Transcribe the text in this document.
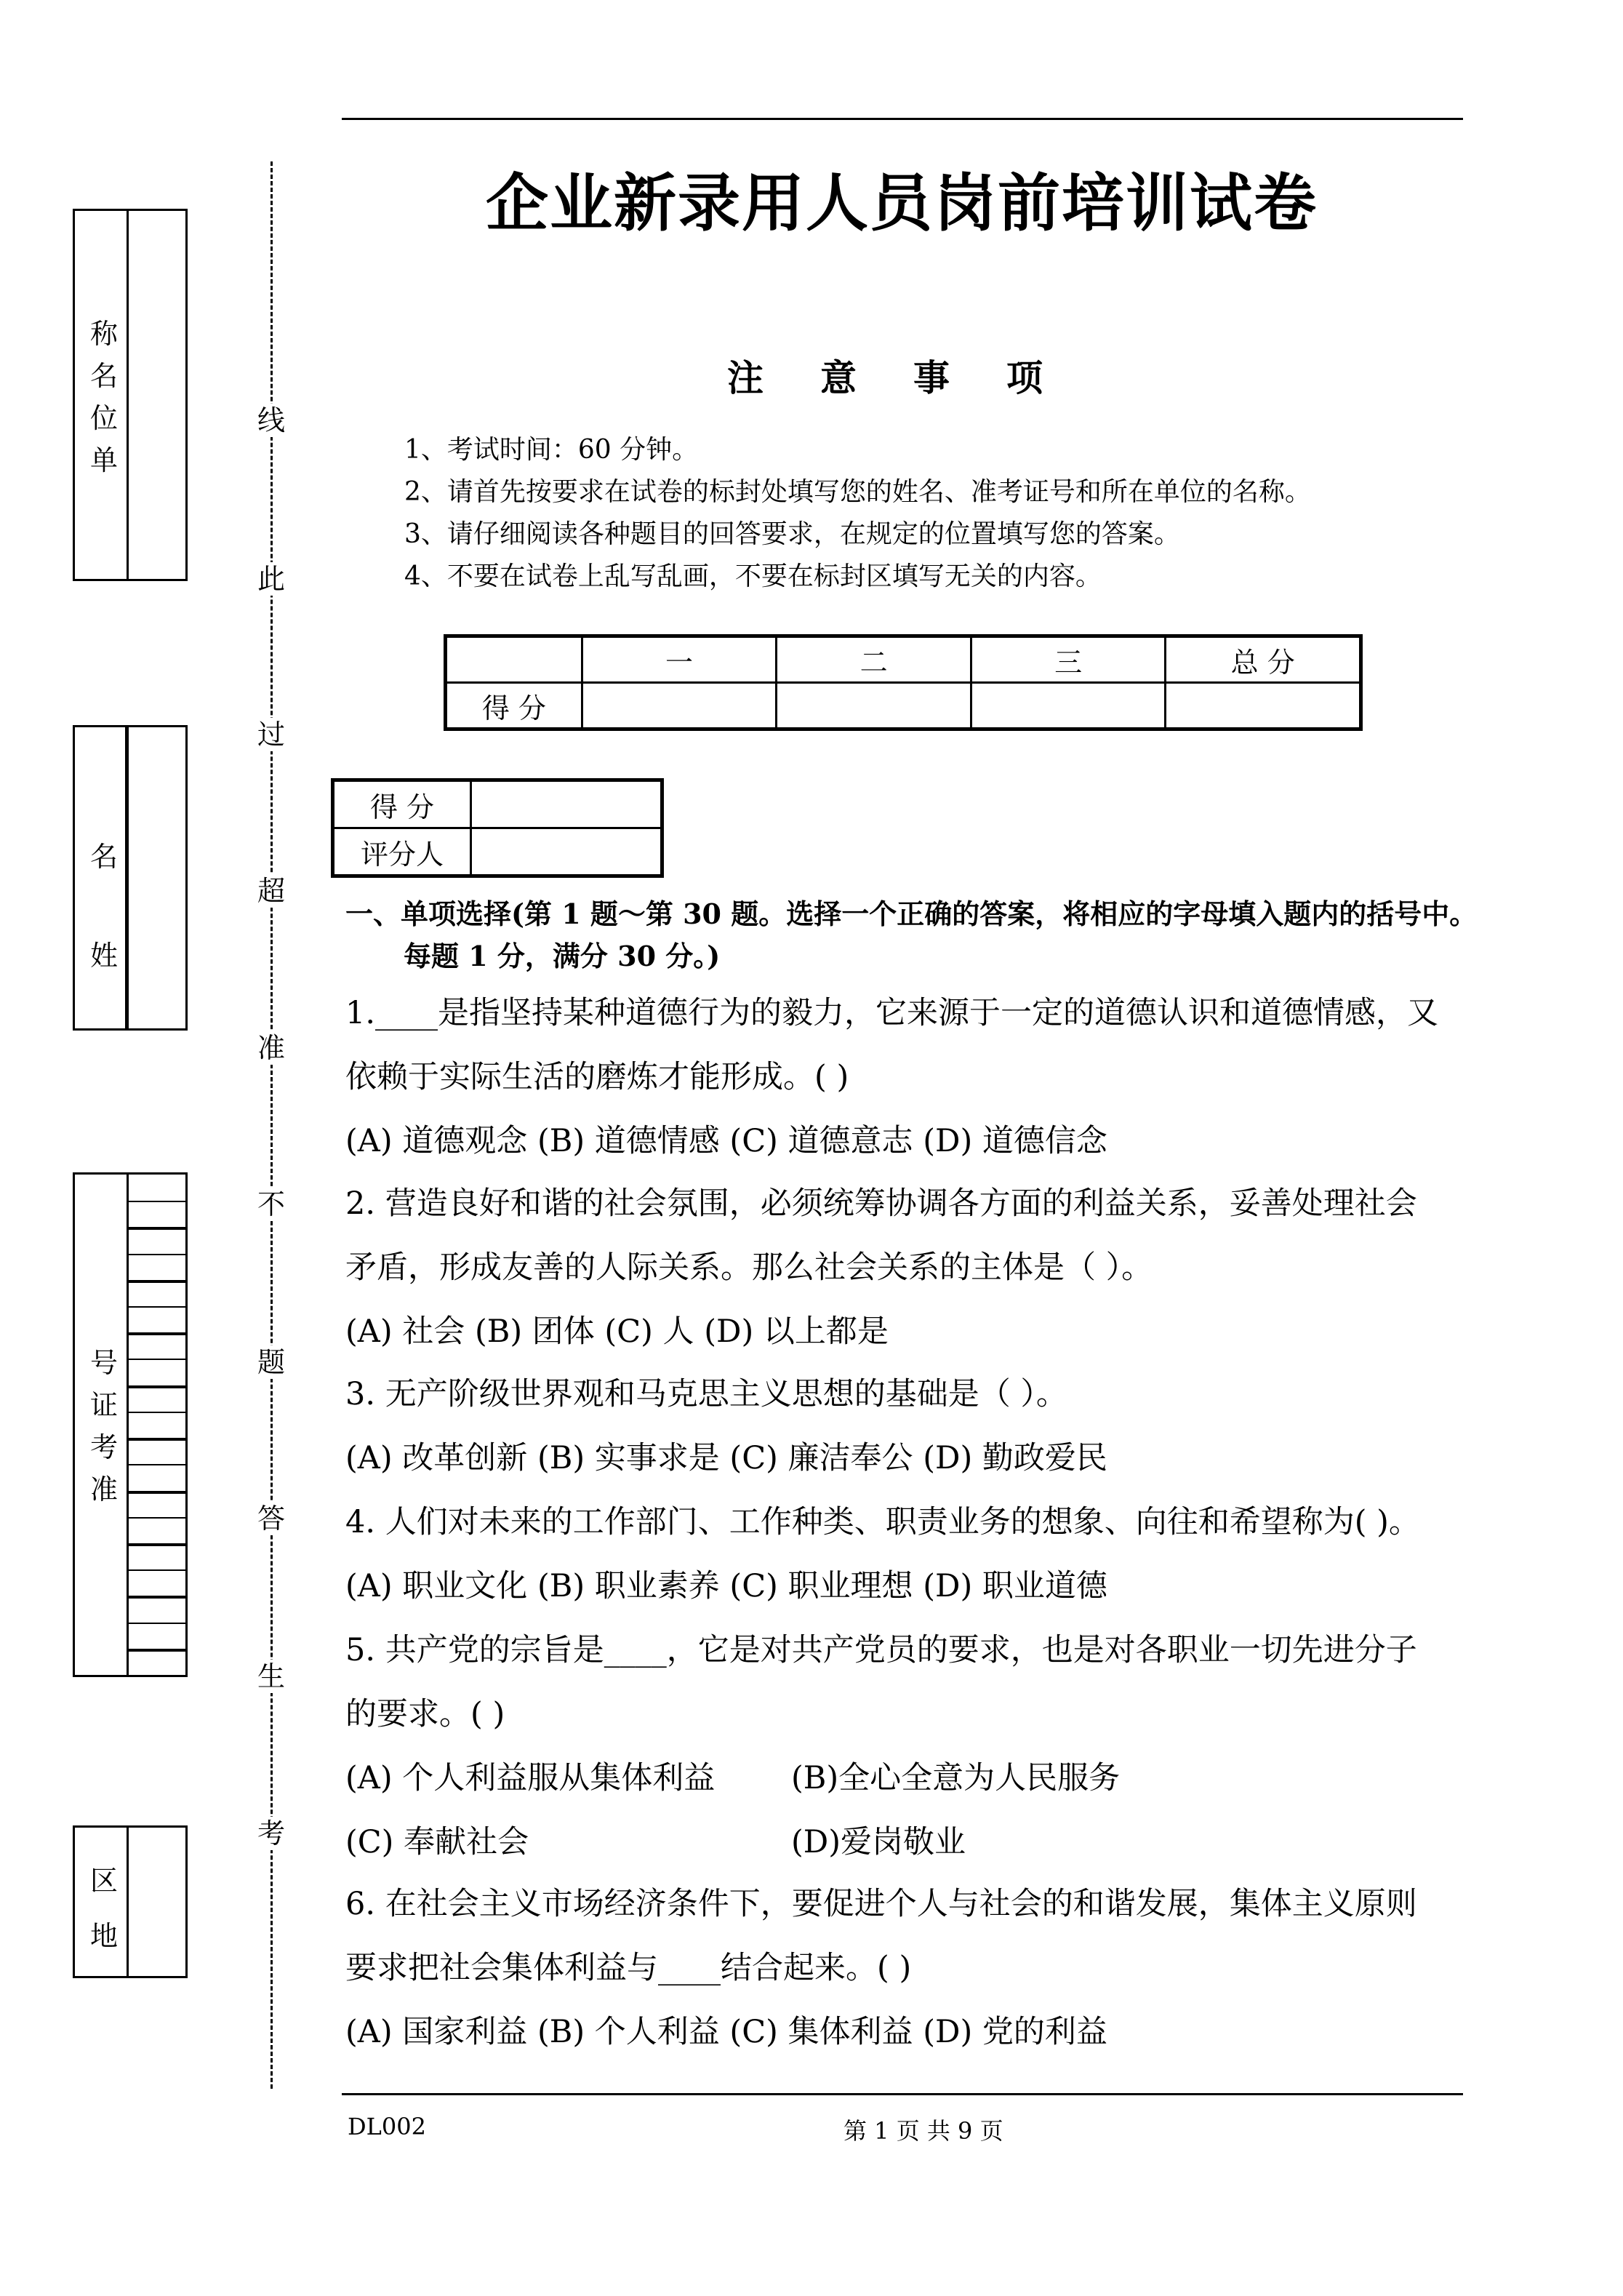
称
名
位
单
名
姓
号
证
考
准
区
地
线
此
过
超
准
不
题
答
生
考
企业新录用人员岗前培训试卷
注意事项
1、考试时间：60 分钟。
2、请首先按要求在试卷的标封处填写您的姓名、准考证号和所在单位的名称。
3、请仔细阅读各种题目的回答要求，在规定的位置填写您的答案。
4、不要在试卷上乱写乱画，不要在标封区填写无关的内容。
	一	二	三	总 分
得 分				
得 分	
评分人	
一、单项选择(第 1 题～第 30 题。选择一个正确的答案，将相应的字母填入题内的括号中。
每题 1 分，满分 30 分。)
1.____是指坚持某种道德行为的毅力，它来源于一定的道德认识和道德情感，又
依赖于实际生活的磨炼才能形成。( )
(A) 道德观念 (B) 道德情感 (C) 道德意志 (D) 道德信念
2. 营造良好和谐的社会氛围，必须统筹协调各方面的利益关系，妥善处理社会
矛盾，形成友善的人际关系。那么社会关系的主体是（ ）。
(A) 社会 (B) 团体 (C) 人 (D) 以上都是
3. 无产阶级世界观和马克思主义思想的基础是（ ）。
(A) 改革创新 (B) 实事求是 (C) 廉洁奉公 (D) 勤政爱民
4. 人们对未来的工作部门、工作种类、职责业务的想象、向往和希望称为( )。
(A) 职业文化 (B) 职业素养 (C) 职业理想 (D) 职业道德
5. 共产党的宗旨是____，它是对共产党员的要求，也是对各职业一切先进分子
的要求。( )
(A) 个人利益服从集体利益 (B)全心全意为人民服务
(C) 奉献社会	(D)爱岗敬业
6. 在社会主义市场经济条件下，要促进个人与社会的和谐发展，集体主义原则
要求把社会集体利益与____结合起来。( )
(A) 国家利益 (B) 个人利益 (C) 集体利益 (D) 党的利益
DL002	第 1 页 共 9 页
